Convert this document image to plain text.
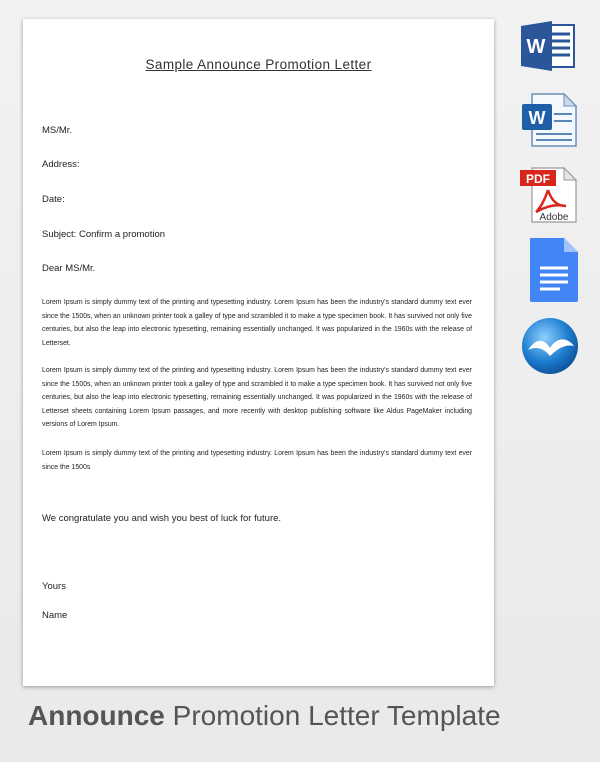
Sample Announce Promotion Letter
MS/Mr.
Address:
Date:
Subject: Confirm a promotion
Dear MS/Mr.
Lorem Ipsum is simply dummy text of the printing and typesetting industry. Lorem Ipsum has been the industry's standard dummy text ever since the 1500s, when an unknown printer took a galley of type and scrambled it to make a type specimen book. It has survived not only five centuries, but also the leap into electronic typesetting, remaining essentially unchanged. It was popularized in the 1960s with the release of Letterset.
Lorem Ipsum is simply dummy text of the printing and typesetting industry. Lorem Ipsum has been the industry's standard dummy text ever since the 1500s, when an unknown printer took a galley of type and scrambled it to make a type specimen book. It has survived not only five centuries, but also the leap into electronic typesetting, remaining essentially unchanged. It was popularized in the 1960s with the release of Letterset sheets containing Lorem Ipsum passages, and more recently with desktop publishing software like Aldus PageMaker including versions of Lorem Ipsum.
Lorem Ipsum is simply dummy text of the printing and typesetting industry. Lorem Ipsum has been the industry's standard dummy text ever since the 1500s
We congratulate you and wish you best of luck for future.
Yours
Name
W
W
PDF
Adobe
Announce Promotion Letter Template
